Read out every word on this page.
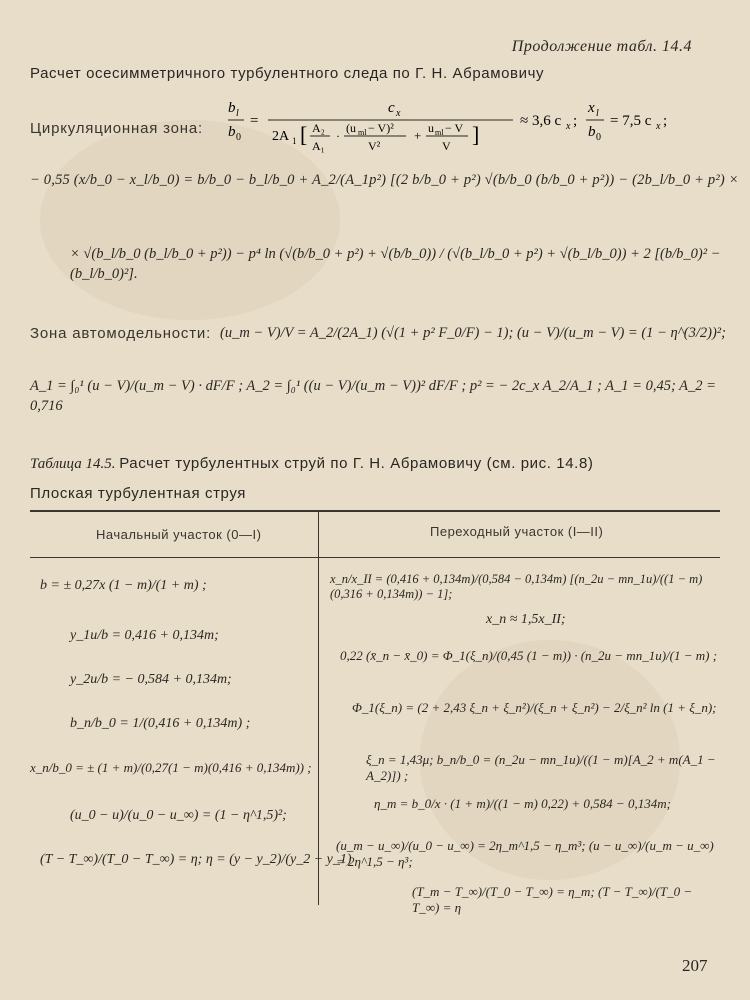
Продолжение табл. 14.4
Расчет осесимметричного турбулентного следа по Г. Н. Абрамовичу
Циркуляционная зона:
b l
b 0
=
c x
2A 1 [ A₂
A₁
·
(u ml − V)²
V²
+ u ml − V
V ]
≈ 3,6 c x ;
x l
b 0
= 7,5 c x ;
− 0,55 (x/b_0 − x_l/b_0) = b/b_0 − b_l/b_0 + A_2/(A_1p²) [(2 b/b_0 + p²) √(b/b_0 (b/b_0 + p²)) − (2b_l/b_0 + p²) ×
× √(b_l/b_0 (b_l/b_0 + p²)) − p⁴ ln (√(b/b_0 + p²) + √(b/b_0)) / (√(b_l/b_0 + p²) + √(b_l/b_0)) + 2 [(b/b_0)² − (b_l/b_0)²].
Зона автомодельности: (u_m − V)/V = A_2/(2A_1) (√(1 + p² F_0/F) − 1); (u − V)/(u_m − V) = (1 − η^(3/2))²;
A_1 = ∫₀¹ (u − V)/(u_m − V) · dF/F ; A_2 = ∫₀¹ ((u − V)/(u_m − V))² dF/F ; p² = − 2c_x A_2/A_1 ; A_1 = 0,45; A_2 = 0,716
Таблица 14.5. Расчет турбулентных струй по Г. Н. Абрамовичу (см. рис. 14.8)
Плоская турбулентная струя
Начальный участок (0—I)	Переходный участок (I—II)
b = ± 0,27x (1 − m)/(1 + m) ;
y_1u/b = 0,416 + 0,134m;
y_2u/b = − 0,584 + 0,134m;
b_n/b_0 = 1/(0,416 + 0,134m) ;
x_n/b_0 = ± (1 + m)/(0,27(1 − m)(0,416 + 0,134m)) ;
(u_0 − u)/(u_0 − u_∞) = (1 − η^1,5)²;
(T − T_∞)/(T_0 − T_∞) = η; η = (y − y_2)/(y_2 − y_1)
x_n/x_II = (0,416 + 0,134m)/(0,584 − 0,134m) [(n_2u − mn_1u)/((1 − m)(0,316 + 0,134m)) − 1];
x_n ≈ 1,5x_II;
0,22 (x̄_n − x̄_0) = Φ_1(ξ_n)/(0,45 (1 − m)) · (n_2u − mn_1u)/(1 − m) ;
Φ_1(ξ_n) = (2 + 2,43 ξ_n + ξ_n²)/(ξ_n + ξ_n²) − 2/ξ_n² ln (1 + ξ_n);
ξ_n = 1,43μ; b_n/b_0 = (n_2u − mn_1u)/((1 − m)[A_2 + m(A_1 − A_2)]) ;
η_m = b_0/x · (1 + m)/((1 − m) 0,22) + 0,584 − 0,134m;
(u_m − u_∞)/(u_0 − u_∞) = 2η_m^1,5 − η_m³; (u − u_∞)/(u_m − u_∞) = 2η^1,5 − η³;
(T_m − T_∞)/(T_0 − T_∞) = η_m; (T − T_∞)/(T_0 − T_∞) = η
207
